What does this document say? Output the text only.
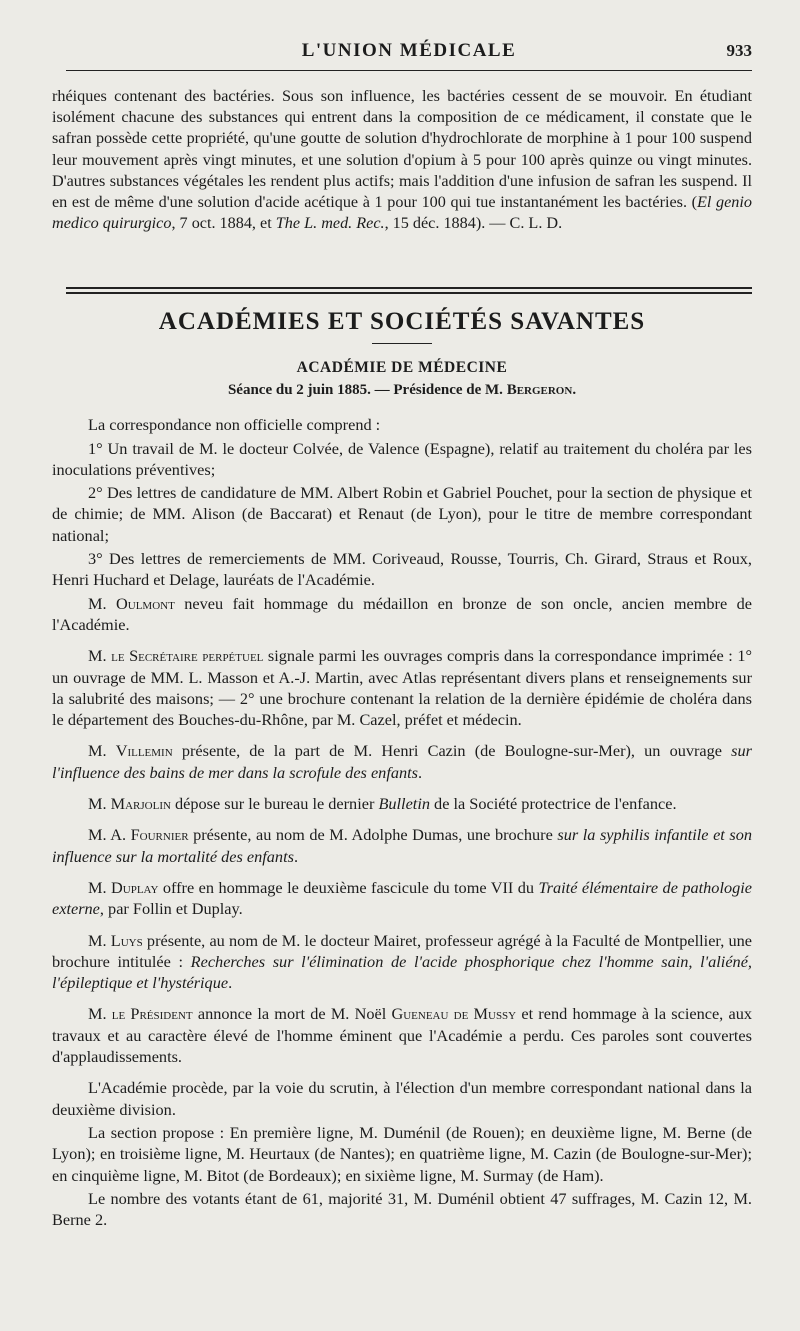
L'UNION MÉDICALE	933

rhéiques contenant des bactéries. Sous son influence, les bactéries cessent de se mouvoir. En étudiant isolément chacune des substances qui entrent dans la composition de ce médicament, il constate que le safran possède cette propriété, qu'une goutte de solution d'hydrochlorate de morphine à 1 pour 100 suspend leur mouvement après vingt minutes, et une solution d'opium à 5 pour 100 après quinze ou vingt minutes. D'autres substances végétales les rendent plus actifs; mais l'addition d'une infusion de safran les suspend. Il en est de même d'une solution d'acide acétique à 1 pour 100 qui tue instantanément les bactéries. (El genio medico quirurgico, 7 oct. 1884, et The L. med. Rec., 15 déc. 1884). — C. L. D.

ACADÉMIES ET SOCIÉTÉS SAVANTES
ACADÉMIE DE MÉDECINE
Séance du 2 juin 1885. — Présidence de M. Bergeron.

La correspondance non officielle comprend :

1° Un travail de M. le docteur Colvée, de Valence (Espagne), relatif au traitement du choléra par les inoculations préventives;

2° Des lettres de candidature de MM. Albert Robin et Gabriel Pouchet, pour la section de physique et de chimie; de MM. Alison (de Baccarat) et Renaut (de Lyon), pour le titre de membre correspondant national;

3° Des lettres de remerciements de MM. Coriveaud, Rousse, Tourris, Ch. Girard, Straus et Roux, Henri Huchard et Delage, lauréats de l'Académie.

M. Oulmont neveu fait hommage du médaillon en bronze de son oncle, ancien membre de l'Académie.

M. le Secrétaire perpétuel signale parmi les ouvrages compris dans la correspondance imprimée : 1° un ouvrage de MM. L. Masson et A.-J. Martin, avec Atlas représentant divers plans et renseignements sur la salubrité des maisons; — 2° une brochure contenant la relation de la dernière épidémie de choléra dans le département des Bouches-du-Rhône, par M. Cazel, préfet et médecin.

M. Villemin présente, de la part de M. Henri Cazin (de Boulogne-sur-Mer), un ouvrage sur l'influence des bains de mer dans la scrofule des enfants.

M. Marjolin dépose sur le bureau le dernier Bulletin de la Société protectrice de l'enfance.

M. A. Fournier présente, au nom de M. Adolphe Dumas, une brochure sur la syphilis infantile et son influence sur la mortalité des enfants.

M. Duplay offre en hommage le deuxième fascicule du tome VII du Traité élémentaire de pathologie externe, par Follin et Duplay.

M. Luys présente, au nom de M. le docteur Mairet, professeur agrégé à la Faculté de Montpellier, une brochure intitulée : Recherches sur l'élimination de l'acide phosphorique chez l'homme sain, l'aliéné, l'épileptique et l'hystérique.

M. le Président annonce la mort de M. Noël Gueneau de Mussy et rend hommage à la science, aux travaux et au caractère élevé de l'homme éminent que l'Académie a perdu. Ces paroles sont couvertes d'applaudissements.

L'Académie procède, par la voie du scrutin, à l'élection d'un membre correspondant national dans la deuxième division.

La section propose : En première ligne, M. Duménil (de Rouen); en deuxième ligne, M. Berne (de Lyon); en troisième ligne, M. Heurtaux (de Nantes); en quatrième ligne, M. Cazin (de Boulogne-sur-Mer); en cinquième ligne, M. Bitot (de Bordeaux); en sixième ligne, M. Surmay (de Ham).

Le nombre des votants étant de 61, majorité 31, M. Duménil obtient 47 suffrages, M. Cazin 12, M. Berne 2.
